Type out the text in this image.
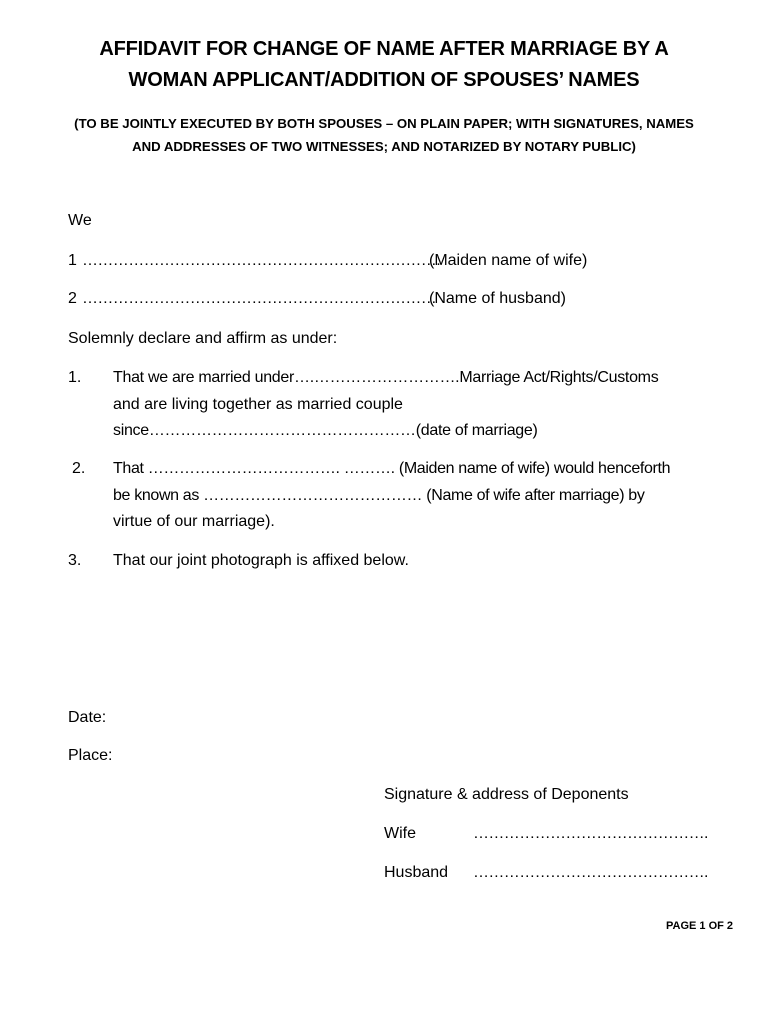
AFFIDAVIT FOR CHANGE OF NAME AFTER MARRIAGE BY A
WOMAN APPLICANT/ADDITION OF SPOUSES’ NAMES
(TO BE JOINTLY EXECUTED BY BOTH SPOUSES – ON PLAIN PAPER; WITH SIGNATURES, NAMES
AND ADDRESSES OF TWO WITNESSES; AND NOTARIZED BY NOTARY PUBLIC)
We
1 …………………………………………………………….
(Maiden name of wife)
2 ……………………………………………………………
(Name of husband)
Solemnly declare and affirm as under:
1. That we are married under….……………………….Marriage Act/Rights/Customs
and are living together as married couple
since……………………………………………(date of marriage)
2. That ………………………………. ………. (Maiden name of wife) would henceforth
be known as …………………………………… (Name of wife after marriage) by
virtue of our marriage).
3. That our joint photograph is affixed below.
Date:
Place:
Signature & address of Deponents
Wife	……………………………………….
Husband ……………………………………….
PAGE 1 OF 2
